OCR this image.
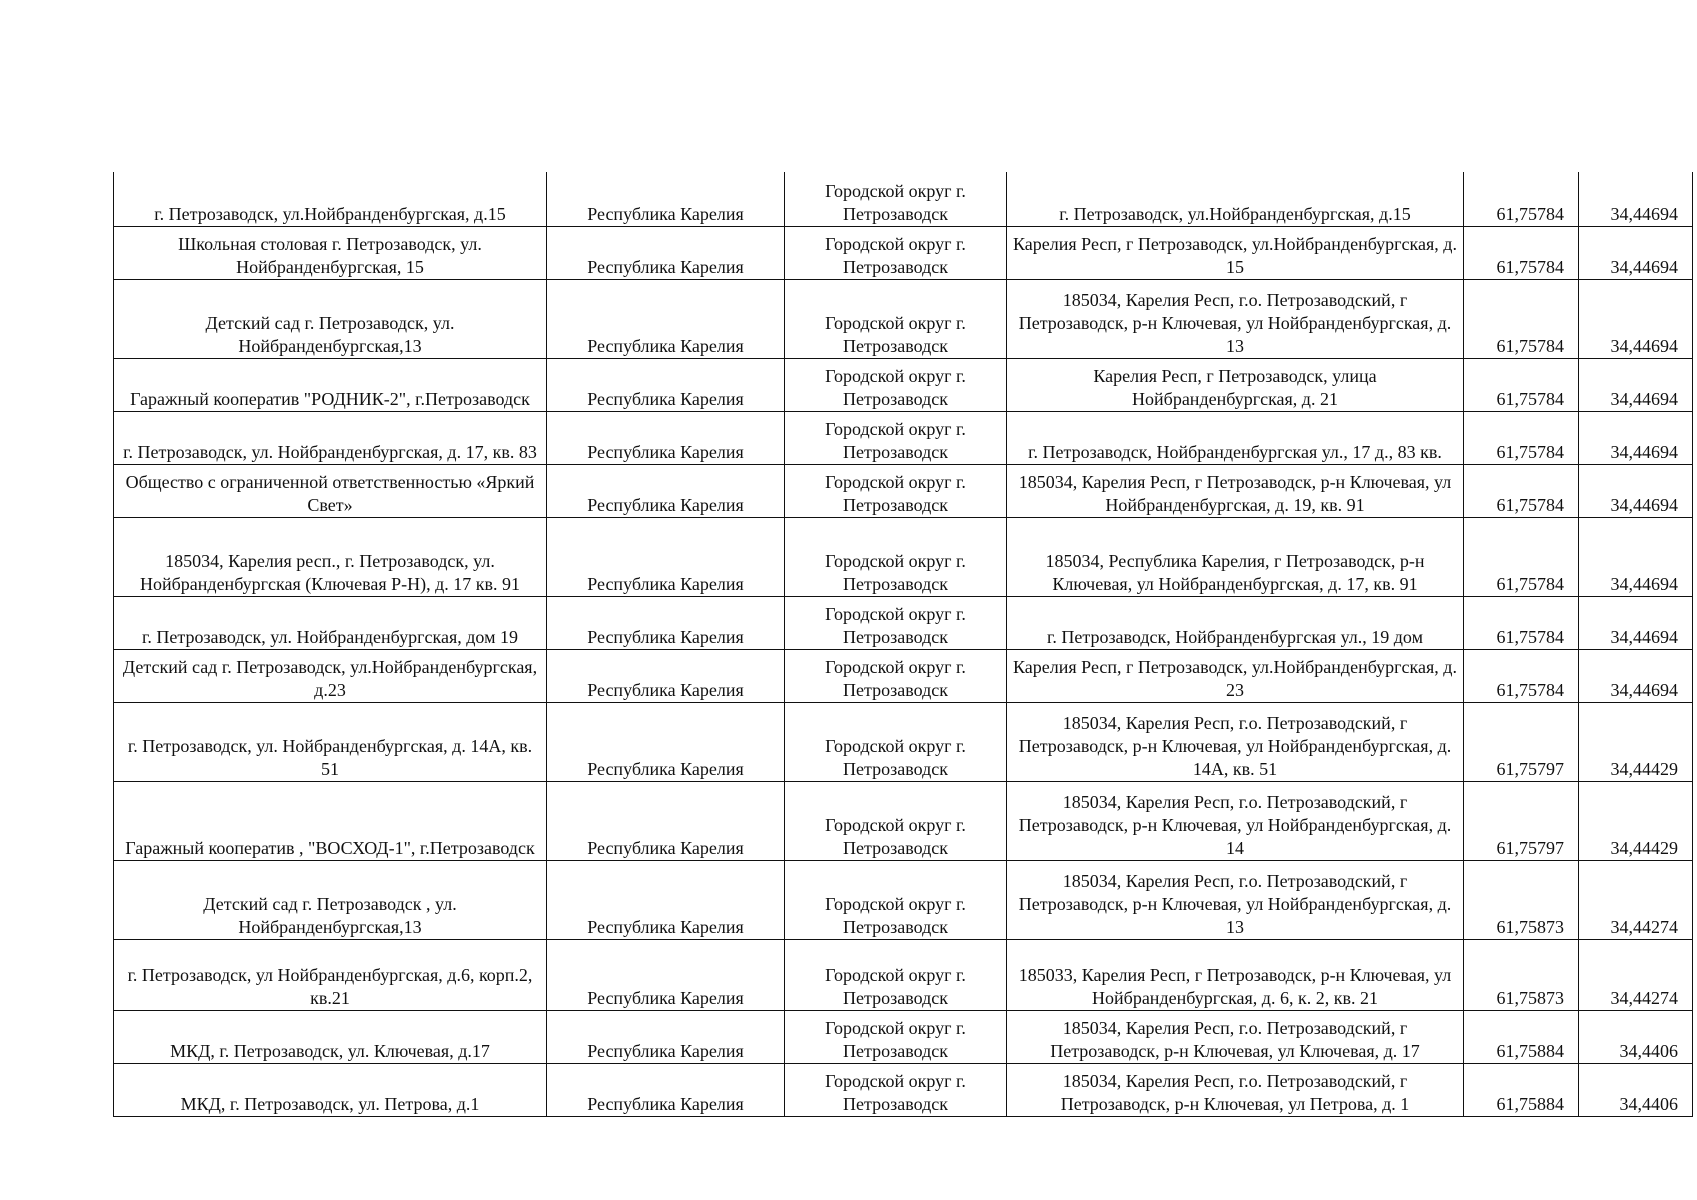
г. Петрозаводск, ул.Нойбранденбургская, д.15	Республика Карелия	Городской округ г. Петрозаводск	г. Петрозаводск, ул.Нойбранденбургская, д.15	61,75784	34,44694
Школьная столовая г. Петрозаводск, ул. Нойбранденбургская, 15	Республика Карелия	Городской округ г. Петрозаводск	Карелия Респ, г Петрозаводск, ул.Нойбранденбургская, д. 15	61,75784	34,44694
Детский сад г. Петрозаводск, ул. Нойбранденбургская,13	Республика Карелия	Городской округ г. Петрозаводск	185034, Карелия Респ, г.о. Петрозаводский, г Петрозаводск, р-н Ключевая, ул Нойбранденбургская, д. 13	61,75784	34,44694
Гаражный кооператив "РОДНИК-2", г.Петрозаводск	Республика Карелия	Городской округ г. Петрозаводск	Карелия Респ, г Петрозаводск, улица Нойбранденбургская, д. 21	61,75784	34,44694
г. Петрозаводск, ул. Нойбранденбургская, д. 17, кв. 83	Республика Карелия	Городской округ г. Петрозаводск	г. Петрозаводск, Нойбранденбургская ул., 17 д., 83 кв.	61,75784	34,44694
Общество с ограниченной ответственностью «Яркий Свет»	Республика Карелия	Городской округ г. Петрозаводск	185034, Карелия Респ, г Петрозаводск, р-н Ключевая, ул Нойбранденбургская, д. 19, кв. 91	61,75784	34,44694
185034, Карелия респ., г. Петрозаводск, ул. Нойбранденбургская (Ключевая Р-Н), д. 17 кв. 91	Республика Карелия	Городской округ г. Петрозаводск	185034, Республика Карелия, г Петрозаводск, р-н Ключевая, ул Нойбранденбургская, д. 17, кв. 91	61,75784	34,44694
г. Петрозаводск, ул. Нойбранденбургская, дом 19	Республика Карелия	Городской округ г. Петрозаводск	г. Петрозаводск, Нойбранденбургская ул., 19 дом	61,75784	34,44694
Детский сад г. Петрозаводск, ул.Нойбранденбургская, д.23	Республика Карелия	Городской округ г. Петрозаводск	Карелия Респ, г Петрозаводск, ул.Нойбранденбургская, д. 23	61,75784	34,44694
г. Петрозаводск, ул. Нойбранденбургская, д. 14А, кв. 51	Республика Карелия	Городской округ г. Петрозаводск	185034, Карелия Респ, г.о. Петрозаводский, г Петрозаводск, р-н Ключевая, ул Нойбранденбургская, д. 14А, кв. 51	61,75797	34,44429
Гаражный кооператив , "ВОСХОД-1", г.Петрозаводск	Республика Карелия	Городской округ г. Петрозаводск	185034, Карелия Респ, г.о. Петрозаводский, г Петрозаводск, р-н Ключевая, ул Нойбранденбургская, д. 14	61,75797	34,44429
Детский сад г. Петрозаводск , ул. Нойбранденбургская,13	Республика Карелия	Городской округ г. Петрозаводск	185034, Карелия Респ, г.о. Петрозаводский, г Петрозаводск, р-н Ключевая, ул Нойбранденбургская, д. 13	61,75873	34,44274
г. Петрозаводск, ул Нойбранденбургская, д.6, корп.2, кв.21	Республика Карелия	Городской округ г. Петрозаводск	185033, Карелия Респ, г Петрозаводск, р-н Ключевая, ул Нойбранденбургская, д. 6, к. 2, кв. 21	61,75873	34,44274
МКД, г. Петрозаводск, ул. Ключевая, д.17	Республика Карелия	Городской округ г. Петрозаводск	185034, Карелия Респ, г.о. Петрозаводский, г Петрозаводск, р-н Ключевая, ул Ключевая, д. 17	61,75884	34,4406
МКД, г. Петрозаводск, ул. Петрова, д.1	Республика Карелия	Городской округ г. Петрозаводск	185034, Карелия Респ, г.о. Петрозаводский, г Петрозаводск, р-н Ключевая, ул Петрова, д. 1	61,75884	34,4406
